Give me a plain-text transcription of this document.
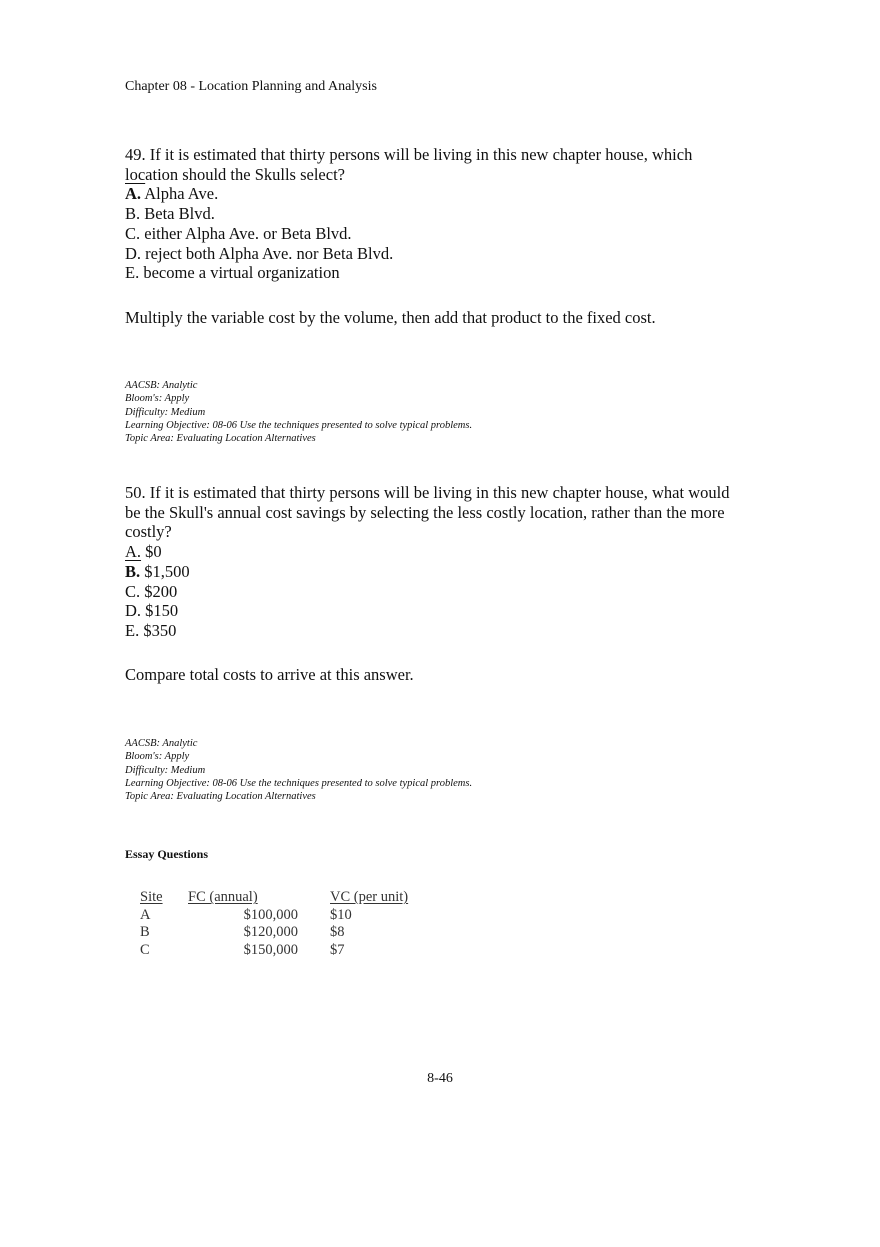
Chapter 08 - Location Planning and Analysis

49. If it is estimated that thirty persons will be living in this new chapter house, which
location should the Skulls select?

A. Alpha Ave.
B. Beta Blvd.
C. either Alpha Ave. or Beta Blvd.
D. reject both Alpha Ave. nor Beta Blvd.
E. become a virtual organization
Multiply the variable cost by the volume, then add that product to the fixed cost.
AACSB: Analytic
Bloom's: Apply
Difficulty: Medium
Learning Objective: 08-06 Use the techniques presented to solve typical problems.
Topic Area: Evaluating Location Alternatives

50. If it is estimated that thirty persons will be living in this new chapter house, what would
be the Skull's annual cost savings by selecting the less costly location, rather than the more
costly?

A. $0
B. $1,500
C. $200
D. $150
E. $350
Compare total costs to arrive at this answer.
AACSB: Analytic
Bloom's: Apply
Difficulty: Medium
Learning Objective: 08-06 Use the techniques presented to solve typical problems.
Topic Area: Evaluating Location Alternatives
Essay Questions
Site	FC (annual)	VC (per unit)
A	$100,000	$10
B	$120,000	$8
C	$150,000	$7
8-46
